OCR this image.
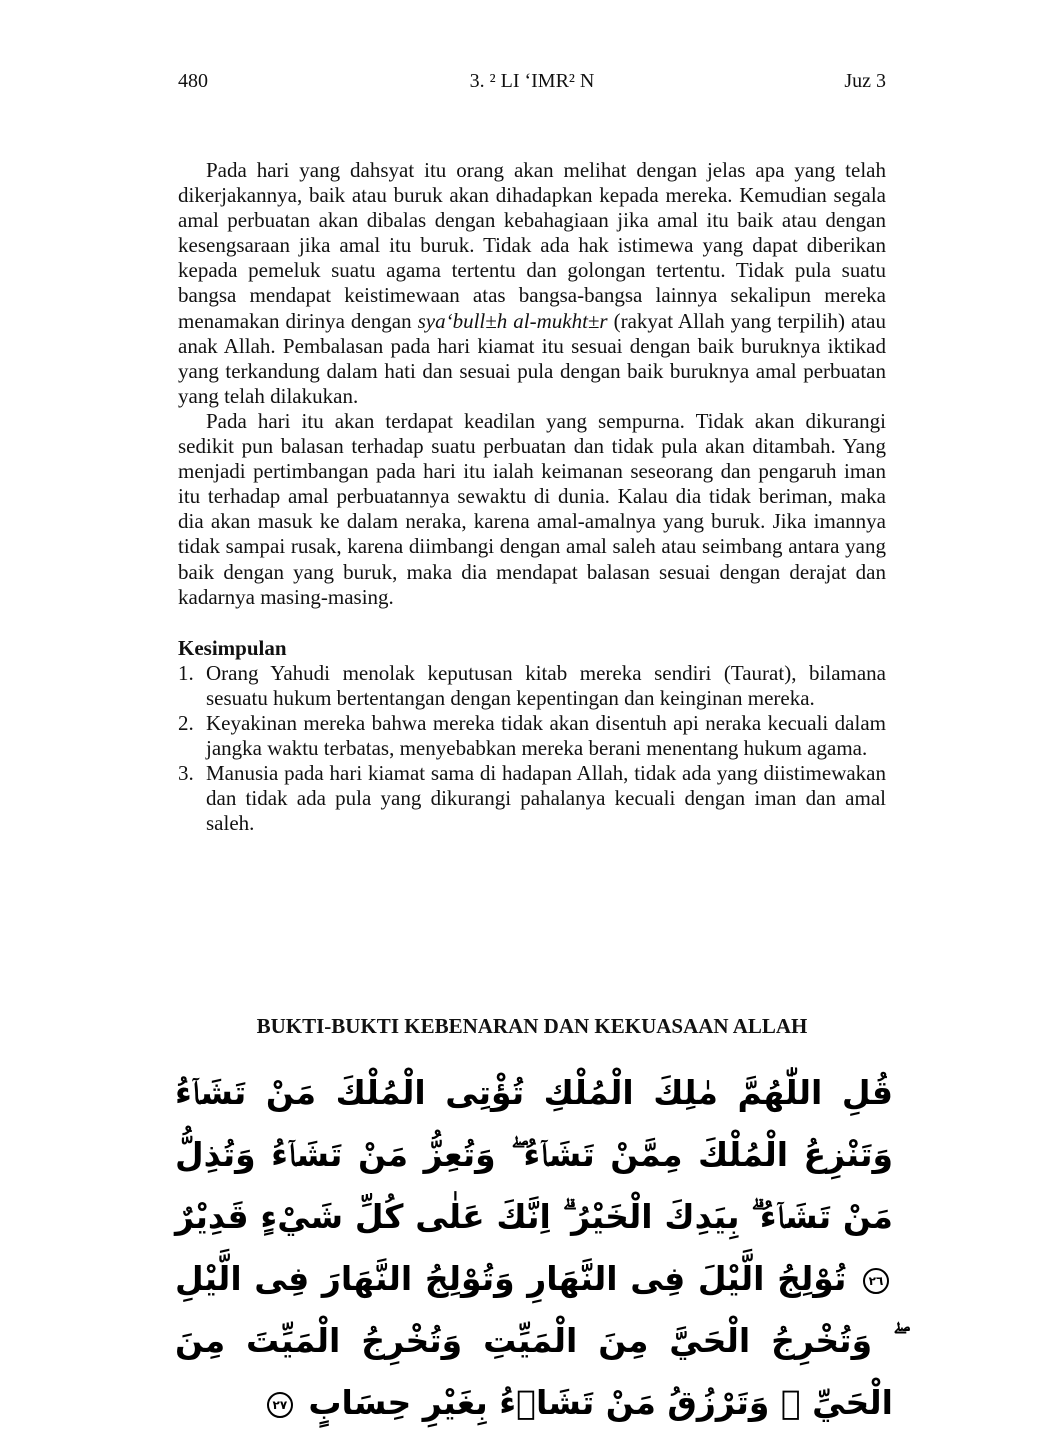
480	3. ² LI ‘IMR² N	Juz 3

Pada hari yang dahsyat itu orang akan melihat dengan jelas apa yang telah dikerjakannya, baik atau buruk akan dihadapkan kepada mereka. Kemudian segala amal perbuatan akan dibalas dengan kebahagiaan jika amal itu baik atau dengan kesengsaraan jika amal itu buruk. Tidak ada hak istimewa yang dapat diberikan kepada pemeluk suatu agama tertentu dan golongan tertentu. Tidak pula suatu bangsa mendapat keistimewaan atas bangsa-bangsa lainnya sekalipun mereka menamakan dirinya dengan sya‘bull±h al-mukht±r (rakyat Allah yang terpilih) atau anak Allah. Pembalasan pada hari kiamat itu sesuai dengan baik buruknya iktikad yang terkandung dalam hati dan sesuai pula dengan baik buruknya amal perbuatan yang telah dilakukan.

Pada hari itu akan terdapat keadilan yang sempurna. Tidak akan dikurangi sedikit pun balasan terhadap suatu perbuatan dan tidak pula akan ditambah. Yang menjadi pertimbangan pada hari itu ialah keimanan seseorang dan pengaruh iman itu terhadap amal perbuatannya sewaktu di dunia. Kalau dia tidak beriman, maka dia akan masuk ke dalam neraka, karena amal-amalnya yang buruk. Jika imannya tidak sampai rusak, karena diimbangi dengan amal saleh atau seimbang antara yang baik dengan yang buruk, maka dia mendapat balasan sesuai dengan derajat dan kadarnya masing-masing.

Kesimpulan
1. Orang Yahudi menolak keputusan kitab mereka sendiri (Taurat), bilamana sesuatu hukum bertentangan dengan kepentingan dan keinginan mereka.
2. Keyakinan mereka bahwa mereka tidak akan disentuh api neraka kecuali dalam jangka waktu terbatas, menyebabkan mereka berani menentang hukum agama.
3. Manusia pada hari kiamat sama di hadapan Allah, tidak ada yang diistimewakan dan tidak ada pula yang dikurangi pahalanya kecuali dengan iman dan amal saleh.
BUKTI-BUKTI KEBENARAN DAN KEKUASAAN ALLAH
قُلِ اللّٰهُمَّ مٰلِكَ الْمُلْكِ تُؤْتِى الْمُلْكَ مَنْ تَشَاۤءُ وَتَنْزِعُ الْمُلْكَ مِمَّنْ تَشَاۤءُ ۖ وَتُعِزُّ مَنْ تَشَاۤءُ وَتُذِلُّ مَنْ تَشَاۤءُ ۗ بِيَدِكَ الْخَيْرُ ۗ اِنَّكَ عَلٰى كُلِّ شَيْءٍ قَدِيْرٌ ٢٦ تُوْلِجُ الَّيْلَ فِى النَّهَارِ وَتُوْلِجُ النَّهَارَ فِى الَّيْلِ ۖ وَتُخْرِجُ الْحَيَّ مِنَ الْمَيِّتِ وَتُخْرِجُ الْمَيِّتَ مِنَ الْحَيِّ ۖ وَتَرْزُقُ مَنْ تَشَاۤءُ بِغَيْرِ حِسَابٍ ٢٧
